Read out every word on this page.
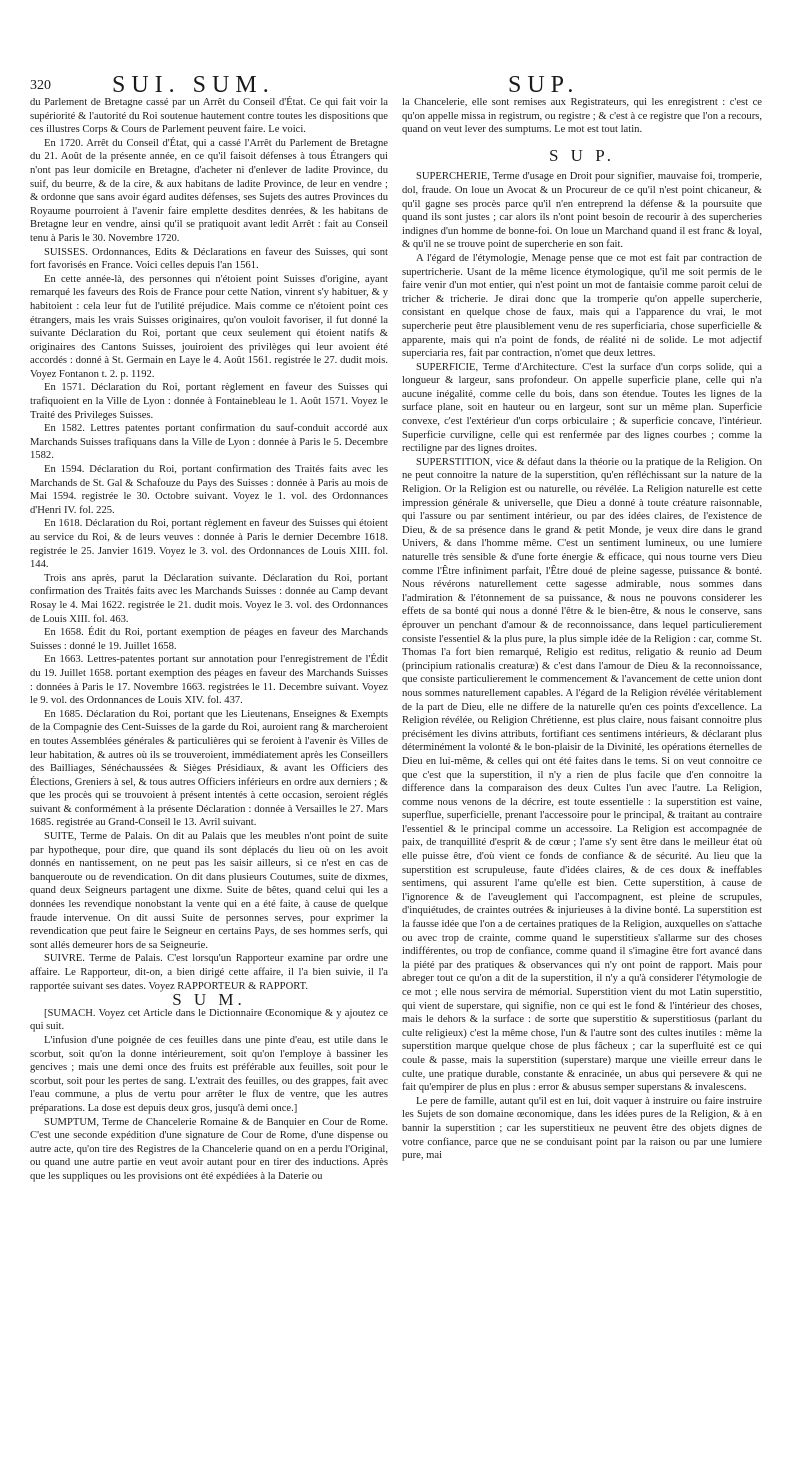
320	SUI. SUM.	SUP.

du Parlement de Bretagne cassé par un Arrêt du Conseil d'État. Ce qui fait voir la supériorité & l'autorité du Roi soutenue hautement contre toutes les dispositions que ces illustres Corps & Cours de Parlement peuvent faire. Le voici.

En 1720. Arrêt du Conseil d'État, qui a cassé l'Arrêt du Parlement de Bretagne du 21. Août de la présente année, en ce qu'il faisoit défenses à tous Étrangers qui n'ont pas leur domicile en Bretagne, d'acheter ni d'enlever de ladite Province, du suif, du beurre, & de la cire, & aux habitans de ladite Province, de leur en vendre ; & ordonne que sans avoir égard audites défenses, ses Sujets des autres Provinces du Royaume pourroient à l'avenir faire emplette desdites denrées, & les habitans de Bretagne leur en vendre, ainsi qu'il se pratiquoit avant ledit Arrêt : fait au Conseil tenu à Paris le 30. Novembre 1720.

SUISSES. Ordonnances, Edits & Déclarations en faveur des Suisses, qui sont fort favorisés en France. Voici celles depuis l'an 1561.

En cette année-là, des personnes qui n'étoient point Suisses d'origine, ayant remarqué les faveurs des Rois de France pour cette Nation, vinrent s'y habituer, & y habitoient : cela leur fut de l'utilité préjudice. Mais comme ce n'étoient point ces étrangers, mais les vrais Suisses originaires, qu'on vouloit favoriser, il fut donné la suivante Déclaration du Roi, portant que ceux seulement qui étoient natifs & originaires des Cantons Suisses, jouiroient des privilèges qui leur avoient été accordés : donné à St. Germain en Laye le 4. Août 1561. registrée le 27. dudit mois. Voyez Fontanon t. 2. p. 1192.

En 1571. Déclaration du Roi, portant règlement en faveur des Suisses qui trafiquoient en la Ville de Lyon : donnée à Fontainebleau le 1. Août 1571. Voyez le Traité des Privileges Suisses.

En 1582. Lettres patentes portant confirmation du sauf-conduit accordé aux Marchands Suisses trafiquans dans la Ville de Lyon : donnée à Paris le 5. Decembre 1582.

En 1594. Déclaration du Roi, portant confirmation des Traités faits avec les Marchands de St. Gal & Schafouze du Pays des Suisses : donnée à Paris au mois de Mai 1594. registrée le 30. Octobre suivant. Voyez le 1. vol. des Ordonnances d'Henri IV. fol. 225.

En 1618. Déclaration du Roi, portant règlement en faveur des Suisses qui étoient au service du Roi, & de leurs veuves : donnée à Paris le dernier Decembre 1618. registrée le 25. Janvier 1619. Voyez le 3. vol. des Ordonnances de Louis XIII. fol. 144.

Trois ans après, parut la Déclaration suivante. Déclaration du Roi, portant confirmation des Traités faits avec les Marchands Suisses : donnée au Camp devant Rosay le 4. Mai 1622. registrée le 21. dudit mois. Voyez le 3. vol. des Ordonnances de Louis XIII. fol. 463.

En 1658. Édit du Roi, portant exemption de péages en faveur des Marchands Suisses : donné le 19. Juillet 1658.

En 1663. Lettres-patentes portant sur annotation pour l'enregistrement de l'Édit du 19. Juillet 1658. portant exemption des péages en faveur des Marchands Suisses : données à Paris le 17. Novembre 1663. registrées le 11. Decembre suivant. Voyez le 9. vol. des Ordonnances de Louis XIV. fol. 437.

En 1685. Déclaration du Roi, portant que les Lieutenans, Enseignes & Exempts de la Compagnie des Cent-Suisses de la garde du Roi, auroient rang & marcheroient en toutes Assemblées générales & particulières qui se feroient à l'avenir ès Villes de leur habitation, & autres où ils se trouveroient, immédiatement après les Conseillers des Bailliages, Sénéchaussées & Sièges Présidiaux, & avant les Officiers des Élections, Greniers à sel, & tous autres Officiers inférieurs en ordre aux derniers ; & que les procès qui se trouvoient à présent intentés à cette occasion, seroient réglés suivant & conformément à la présente Déclaration : donnée à Versailles le 27. Mars 1685. registrée au Grand-Conseil le 13. Avril suivant.

SUITE, Terme de Palais. On dit au Palais que les meubles n'ont point de suite par hypotheque, pour dire, que quand ils sont déplacés du lieu où on les avoit donnés en nantissement, on ne peut pas les saisir ailleurs, si ce n'est en cas de banqueroute ou de revendication. On dit dans plusieurs Coutumes, suite de dixmes, quand deux Seigneurs partagent une dixme. Suite de bêtes, quand celui qui les a données les revendique nonobstant la vente qui en a été faite, à cause de quelque fraude intervenue. On dit aussi Suite de personnes serves, pour exprimer la revendication que peut faire le Seigneur en certains Pays, de ses hommes serfs, qui sont allés demeurer hors de sa Seigneurie.

SUIVRE. Terme de Palais. C'est lorsqu'un Rapporteur examine par ordre une affaire. Le Rapporteur, dit-on, a bien dirigé cette affaire, il l'a bien suivie, il l'a rapportée suivant ses dates. Voyez RAPPORTEUR & RAPPORT.

S U M.

[SUMACH. Voyez cet Article dans le Dictionnaire Œconomique & y ajoutez ce qui suit.

L'infusion d'une poignée de ces feuilles dans une pinte d'eau, est utile dans le scorbut, soit qu'on la donne intérieurement, soit qu'on l'employe à bassiner les gencives ; mais une demi once des fruits est préférable aux feuilles, soit pour le scorbut, soit pour les pertes de sang. L'extrait des feuilles, ou des grappes, fait avec l'eau commune, a plus de vertu pour arrêter le flux de ventre, que les autres préparations. La dose est depuis deux gros, jusqu'à demi once.]

SUMPTUM, Terme de Chancelerie Romaine & de Banquier en Cour de Rome. C'est une seconde expédition d'une signature de Cour de Rome, d'une dispense ou autre acte, qu'on tire des Registres de la Chancelerie quand on en a perdu l'Original, ou quand une autre partie en veut avoir autant pour en tirer des inductions. Après que les suppliques ou les provisions ont été expédiées à la Daterie ou

la Chancelerie, elle sont remises aux Registrateurs, qui les enregistrent : c'est ce qu'on appelle missa in registrum, ou registre ; & c'est à ce registre que l'on a recours, quand on veut lever des sumptums. Le mot est tout latin.

S U P.

SUPERCHERIE, Terme d'usage en Droit pour signifier, mauvaise foi, tromperie, dol, fraude. On loue un Avocat & un Procureur de ce qu'il n'est point chicaneur, & qu'il gagne ses procès parce qu'il n'en entreprend la défense & la poursuite que quand ils sont justes ; car alors ils n'ont point besoin de recourir à des supercheries indignes d'un homme de bonne-foi. On loue un Marchand quand il est franc & loyal, & qu'il ne se trouve point de supercherie en son fait.

A l'égard de l'étymologie, Menage pense que ce mot est fait par contraction de supertricherie. Usant de la même licence étymologique, qu'il me soit permis de le faire venir d'un mot entier, qui n'est point un mot de fantaisie comme paroit celui de tricher & tricherie. Je dirai donc que la tromperie qu'on appelle supercherie, consistant en quelque chose de faux, mais qui a l'apparence du vrai, le mot supercherie peut être plausiblement venu de res superficiaria, chose superficielle & apparente, mais qui n'a point de fonds, de réalité ni de solide. Le mot adjectif superciaria res, fait par contraction, n'omet que deux lettres.

SUPERFICIE, Terme d'Architecture. C'est la surface d'un corps solide, qui a longueur & largeur, sans profondeur. On appelle superficie plane, celle qui n'a aucune inégalité, comme celle du bois, dans son étendue. Toutes les lignes de la surface plane, soit en hauteur ou en largeur, sont sur un même plan. Superficie convexe, c'est l'extérieur d'un corps orbiculaire ; & superficie concave, l'intérieur. Superficie curviligne, celle qui est renfermée par des lignes courbes ; comme la rectiligne par des lignes droites.

SUPERSTITION, vice & défaut dans la théorie ou la pratique de la Religion. On ne peut connoitre la nature de la superstition, qu'en réfléchissant sur la nature de la Religion. Or la Religion est ou naturelle, ou révélée. La Religion naturelle est cette impression générale & universelle, que Dieu a donné à toute créature raisonnable, qui l'assure ou par sentiment intérieur, ou par des idées claires, de l'existence de Dieu, & de sa présence dans le grand & petit Monde, je veux dire dans le grand Univers, & dans l'homme même. C'est un sentiment lumineux, ou une lumiere naturelle très sensible & d'une forte énergie & efficace, qui nous tourne vers Dieu comme l'Être infiniment parfait, l'Être doué de pleine sagesse, puissance & bonté. Nous révérons naturellement cette sagesse admirable, nous sommes dans l'admiration & l'étonnement de sa puissance, & nous ne pouvons considerer les effets de sa bonté qui nous a donné l'être & le bien-être, & nous le conserve, sans éprouver un penchant d'amour & de reconnoissance, dans lequel particulierement consiste l'essentiel & la plus pure, la plus simple idée de la Religion : car, comme St. Thomas l'a fort bien remarqué, Religio est reditus, religatio & reunio ad Deum (principium rationalis creaturæ) & c'est dans l'amour de Dieu & la reconnoissance, que consiste particulierement le commencement & l'avancement de cette union dont nous sommes naturellement capables. A l'égard de la Religion révélée véritablement de la part de Dieu, elle ne differe de la naturelle qu'en ces points d'excellence. La Religion révélée, ou Religion Chrétienne, est plus claire, nous faisant connoitre plus précisément les divins attributs, fortifiant ces sentimens intérieurs, & déclarant plus déterminément la volonté & le bon-plaisir de la Divinité, les opérations éternelles de Dieu en lui-même, & celles qui ont été faites dans le tems. Si on veut connoitre ce que c'est que la superstition, il n'y a rien de plus facile que d'en connoitre la difference dans la comparaison des deux Cultes l'un avec l'autre. La Religion, comme nous venons de la décrire, est toute essentielle : la superstition est vaine, superflue, superficielle, prenant l'accessoire pour le principal, & traitant au contraire l'essentiel & le principal comme un accessoire. La Religion est accompagnée de paix, de tranquillité d'esprit & de cœur ; l'ame s'y sent être dans le meilleur état où elle puisse être, d'où vient ce fonds de confiance & de sécurité. Au lieu que la superstition est scrupuleuse, faute d'idées claires, & de ces doux & ineffables sentimens, qui assurent l'ame qu'elle est bien. Cette superstition, à cause de l'ignorence & de l'aveuglement qui l'accompagnent, est pleine de scrupules, d'inquiétudes, de craintes outrées & injurieuses à la divine bonté. La superstition est la fausse idée que l'on a de certaines pratiques de la Religion, auxquelles on s'attache ou avec trop de crainte, comme quand le superstitieux s'allarme sur des choses indifférentes, ou trop de confiance, comme quand il s'imagine être fort avancé dans la piété par des pratiques & observances qui n'y ont point de rapport. Mais pour abreger tout ce qu'on a dit de la superstition, il n'y a qu'à considerer l'étymologie de ce mot ; elle nous servira de mémorial. Superstition vient du mot Latin superstitio, qui vient de superstare, qui signifie, non ce qui est le fond & l'intérieur des choses, mais le dehors & la surface : de sorte que superstitio & superstitiosus (parlant du culte religieux) c'est la même chose, l'un & l'autre sont des cultes inutiles : même la superstition marque quelque chose de plus fâcheux ; car la superfluité est ce qui coule & passe, mais la superstition (superstare) marque une vieille erreur dans le culte, une pratique durable, constante & enracinée, un abus qui persevere & qui ne fait qu'empirer de plus en plus : error & abusus semper superstans & invalescens.

Le pere de famille, autant qu'il est en lui, doit vaquer à instruire ou faire instruire les Sujets de son domaine œconomique, dans les idées pures de la Religion, & à en bannir la superstition ; car les superstitieux ne peuvent être des objets dignes de votre confiance, parce que ne se conduisant point par la raison ou par une lumiere pure, mai
